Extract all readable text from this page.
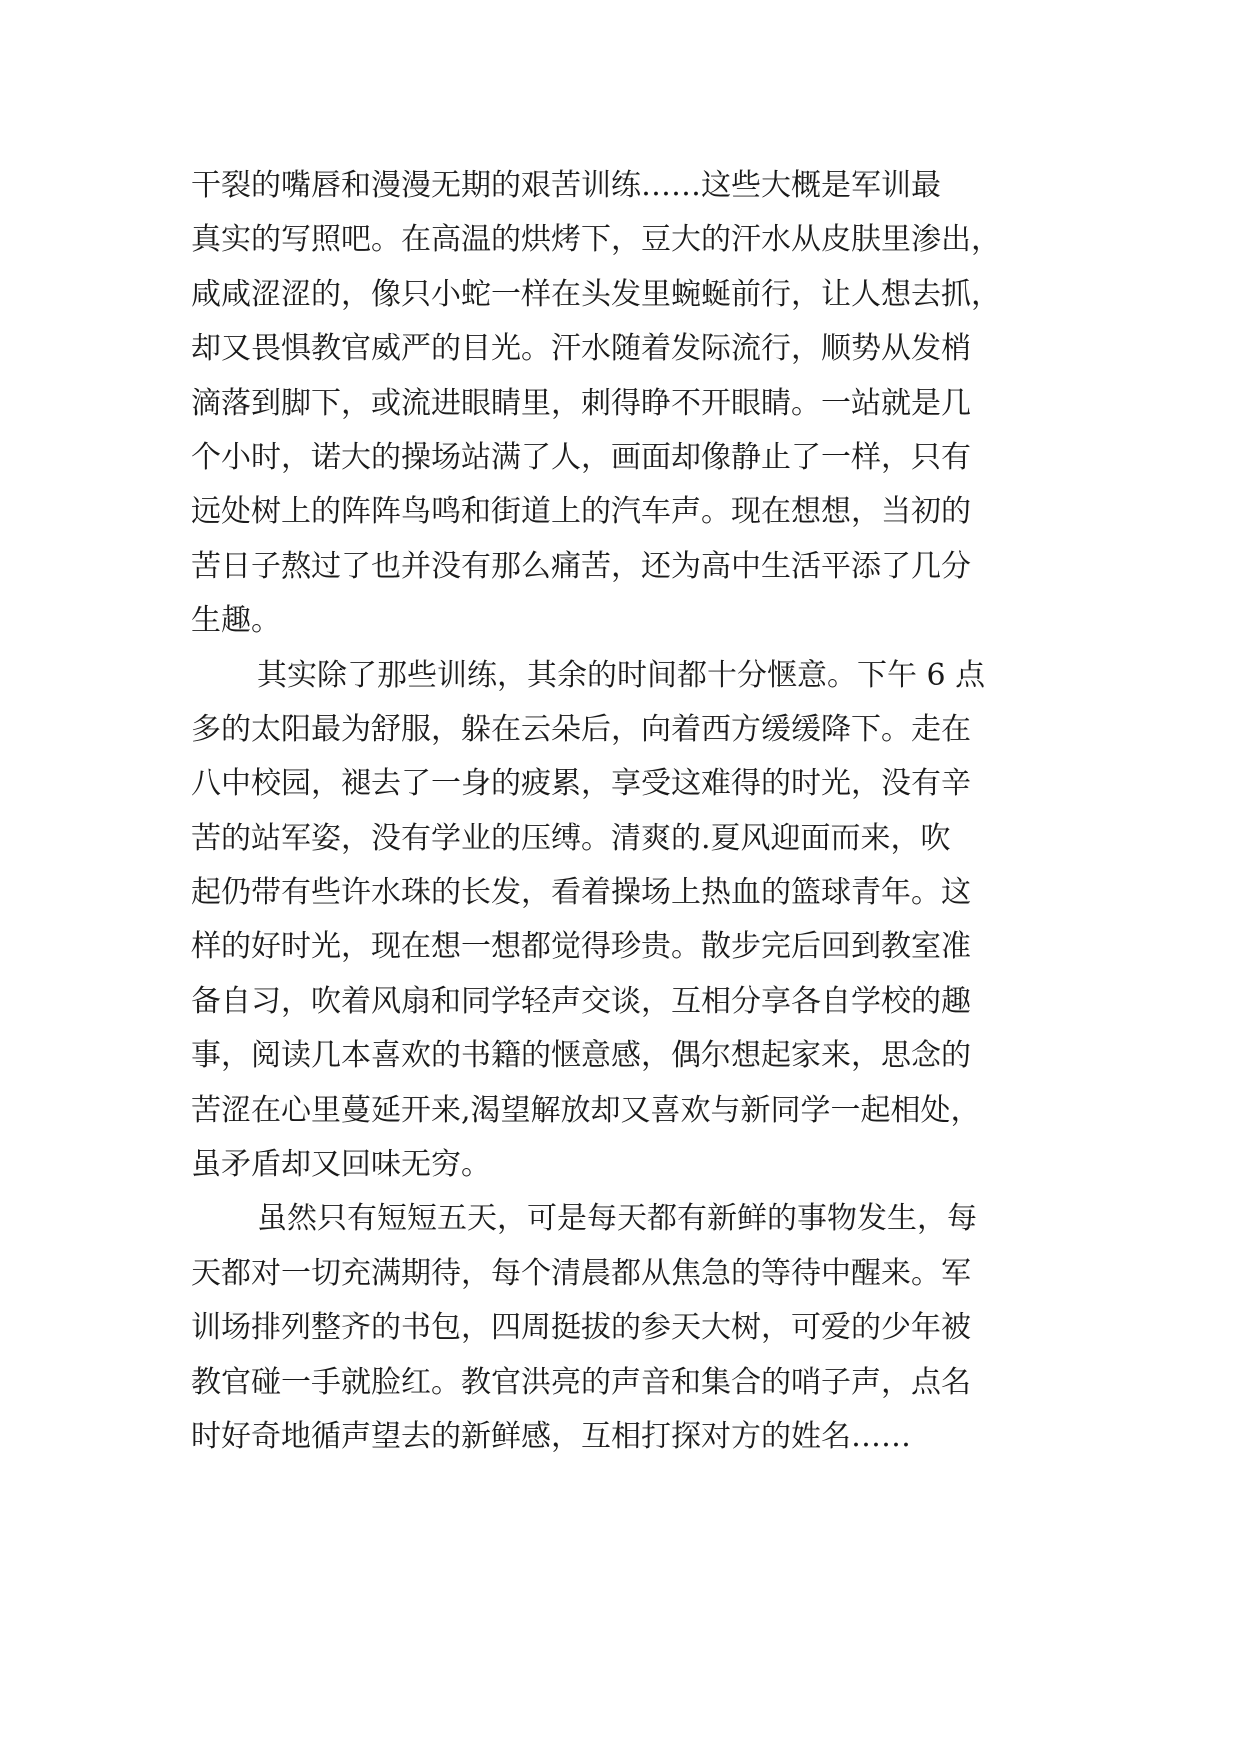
干裂的嘴唇和漫漫无期的艰苦训练……这些大概是军训最
真实的写照吧。在高温的烘烤下，豆大的汗水从皮肤里渗出，
咸咸涩涩的，像只小蛇一样在头发里蜿蜒前行，让人想去抓，
却又畏惧教官威严的目光。汗水随着发际流行，顺势从发梢
滴落到脚下，或流进眼睛里，刺得睁不开眼睛。一站就是几
个小时，诺大的操场站满了人，画面却像静止了一样，只有
远处树上的阵阵鸟鸣和街道上的汽车声。现在想想，当初的
苦日子熬过了也并没有那么痛苦，还为高中生活平添了几分
生趣。
其实除了那些训练，其余的时间都十分惬意。下午 6 点
多的太阳最为舒服，躲在云朵后，向着西方缓缓降下。走在
八中校园，褪去了一身的疲累，享受这难得的时光，没有辛
苦的站军姿，没有学业的压缚。清爽的.夏风迎面而来，吹
起仍带有些许水珠的长发，看着操场上热血的篮球青年。这
样的好时光，现在想一想都觉得珍贵。散步完后回到教室准
备自习，吹着风扇和同学轻声交谈，互相分享各自学校的趣
事，阅读几本喜欢的书籍的惬意感，偶尔想起家来，思念的
苦涩在心里蔓延开来,渴望解放却又喜欢与新同学一起相处，
虽矛盾却又回味无穷。
虽然只有短短五天，可是每天都有新鲜的事物发生，每
天都对一切充满期待，每个清晨都从焦急的等待中醒来。军
训场排列整齐的书包，四周挺拔的参天大树，可爱的少年被
教官碰一手就脸红。教官洪亮的声音和集合的哨子声，点名
时好奇地循声望去的新鲜感，互相打探对方的姓名……
